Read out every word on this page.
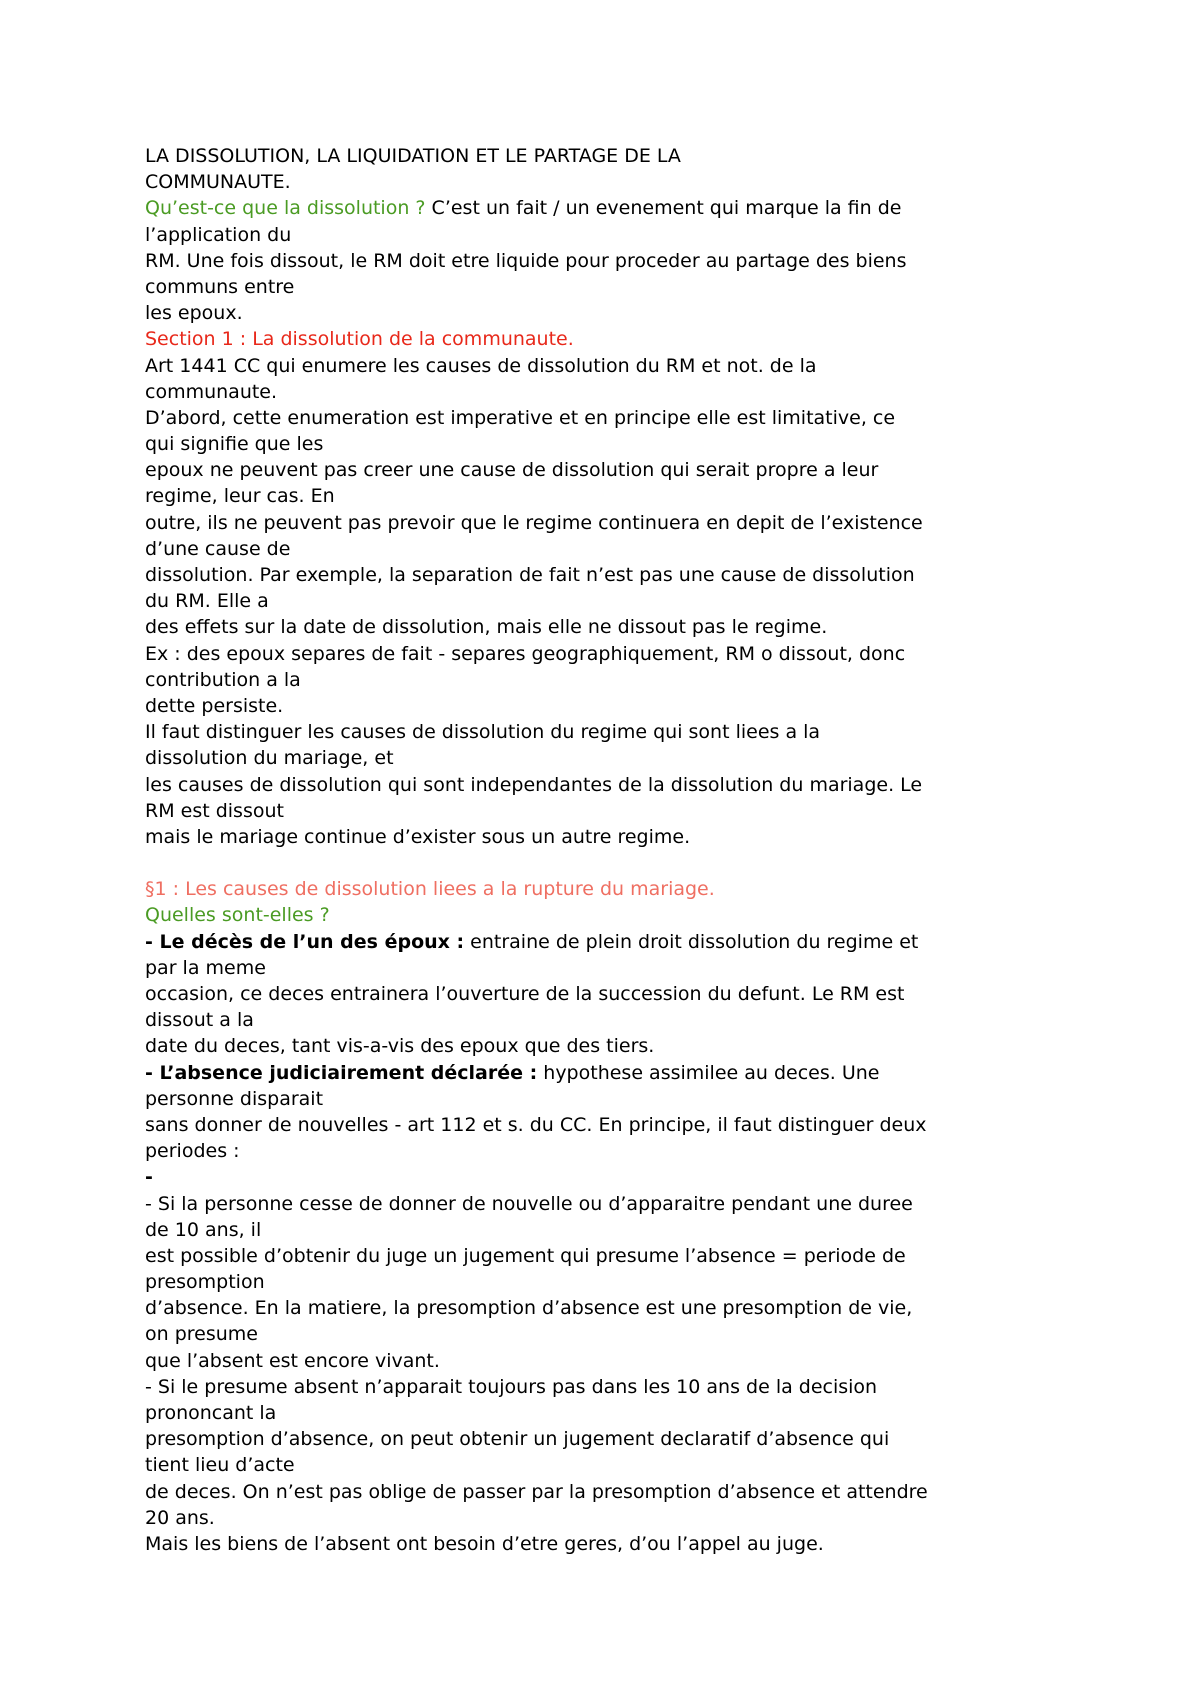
LA DISSOLUTION, LA LIQUIDATION ET LE PARTAGE DE LA
COMMUNAUTE.
Qu’est-ce que la dissolution ? C’est un fait / un evenement qui marque la fin de
l’application du
RM. Une fois dissout, le RM doit etre liquide pour proceder au partage des biens
communs entre
les epoux.
Section 1 : La dissolution de la communaute.
Art 1441 CC qui enumere les causes de dissolution du RM et not. de la
communaute.
D’abord, cette enumeration est imperative et en principe elle est limitative, ce
qui signifie que les
epoux ne peuvent pas creer une cause de dissolution qui serait propre a leur
regime, leur cas. En
outre, ils ne peuvent pas prevoir que le regime continuera en depit de l’existence
d’une cause de
dissolution. Par exemple, la separation de fait n’est pas une cause de dissolution
du RM. Elle a
des effets sur la date de dissolution, mais elle ne dissout pas le regime.
Ex : des epoux separes de fait - separes geographiquement, RM o dissout, donc
contribution a la
dette persiste.
Il faut distinguer les causes de dissolution du regime qui sont liees a la
dissolution du mariage, et
les causes de dissolution qui sont independantes de la dissolution du mariage. Le
RM est dissout
mais le mariage continue d’exister sous un autre regime.
§1 : Les causes de dissolution liees a la rupture du mariage.
Quelles sont-elles ?
- Le décès de l’un des époux : entraine de plein droit dissolution du regime et
par la meme
occasion, ce deces entrainera l’ouverture de la succession du defunt. Le RM est
dissout a la
date du deces, tant vis-a-vis des epoux que des tiers.
- L’absence judiciairement déclarée : hypothese assimilee au deces. Une
personne disparait
sans donner de nouvelles - art 112 et s. du CC. En principe, il faut distinguer deux
periodes :
-
- Si la personne cesse de donner de nouvelle ou d’apparaitre pendant une duree
de 10 ans, il
est possible d’obtenir du juge un jugement qui presume l’absence = periode de
presomption
d’absence. En la matiere, la presomption d’absence est une presomption de vie,
on presume
que l’absent est encore vivant.
- Si le presume absent n’apparait toujours pas dans les 10 ans de la decision
prononcant la
presomption d’absence, on peut obtenir un jugement declaratif d’absence qui
tient lieu d’acte
de deces. On n’est pas oblige de passer par la presomption d’absence et attendre
20 ans.
Mais les biens de l’absent ont besoin d’etre geres, d’ou l’appel au juge.
